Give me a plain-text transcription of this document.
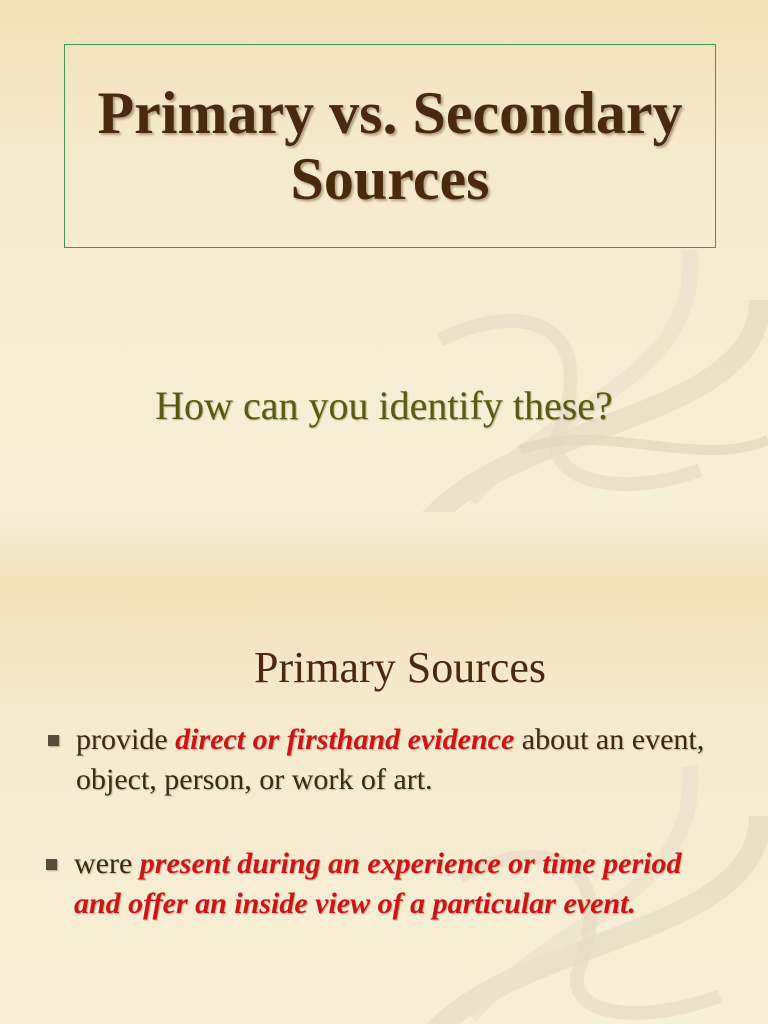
Primary vs. Secondary Sources
How can you identify these?
Primary Sources
provide direct or firsthand evidence about an event, object, person, or work of art.
were present during an experience or time period and offer an inside view of a particular event.
